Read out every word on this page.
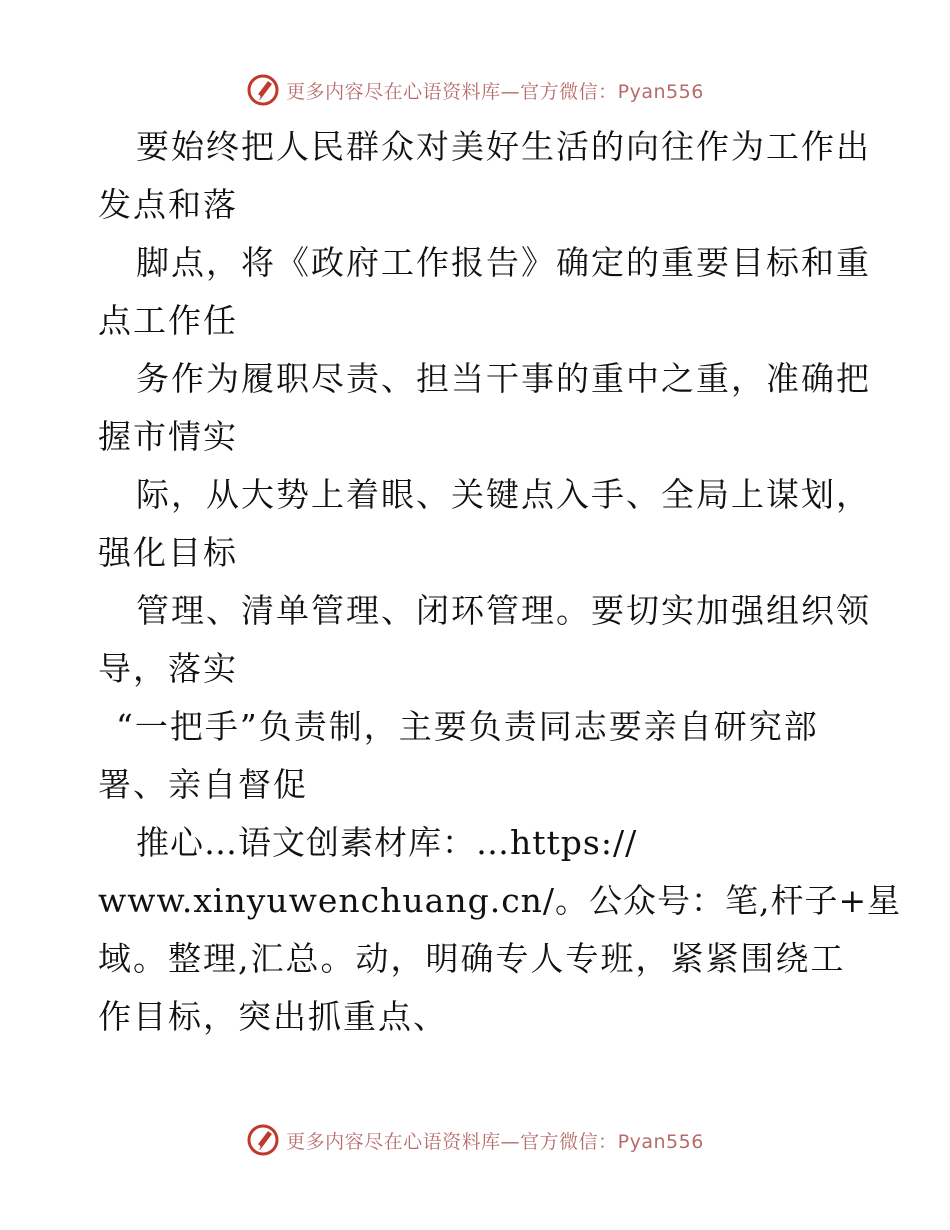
更多内容尽在心语资料库—官方微信：Pyan556
要始终把人民群众对美好生活的向往作为工作出
发点和落
脚点，将《政府工作报告》确定的重要目标和重
点工作任
务作为履职尽责、担当干事的重中之重，准确把
握市情实
际，从大势上着眼、关键点入手、全局上谋划，
强化目标
管理、清单管理、闭环管理。要切实加强组织领
导，落实
“一把手”负责制，主要负责同志要亲自研究部
署、亲自督促
推心…语文创素材库：…https://
www.xinyuwenchuang.cn/。公众号：笔,杆子+星
域。整理,汇总。动，明确专人专班，紧紧围绕工
作目标，突出抓重点、
更多内容尽在心语资料库—官方微信：Pyan556
